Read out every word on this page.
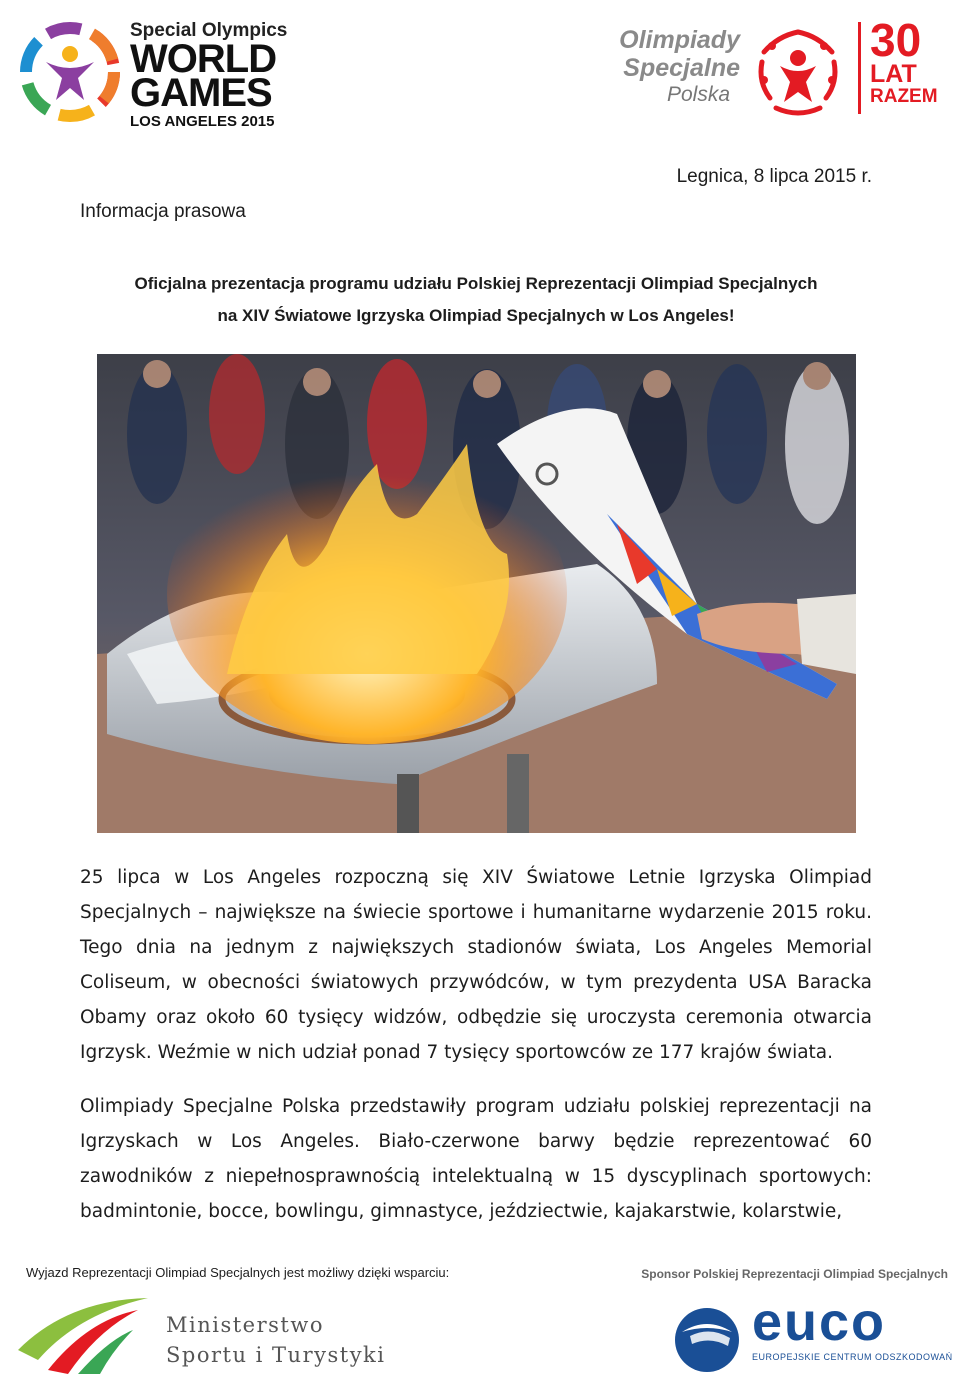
Special Olympics
WORLD
GAMES
LOS ANGELES 2015
Olimpiady
Specjalne
Polska
30
LAT
RAZEM
Legnica, 8 lipca 2015 r.
Informacja prasowa
Oficjalna prezentacja programu udziału Polskiej Reprezentacji Olimpiad Specjalnych
na XIV Światowe Igrzyska Olimpiad Specjalnych w Los Angeles!
25 lipca w Los Angeles rozpoczną się XIV Światowe Letnie Igrzyska Olimpiad Specjalnych – największe na świecie sportowe i humanitarne wydarzenie 2015 roku. Tego dnia na jednym z największych stadionów świata, Los Angeles Memorial Coliseum, w obecności światowych przywódców, w tym prezydenta USA Baracka Obamy oraz około 60 tysięcy widzów, odbędzie się uroczysta ceremonia otwarcia Igrzysk. Weźmie w nich udział ponad 7 tysięcy sportowców ze 177 krajów świata.
Olimpiady Specjalne Polska przedstawiły program udziału polskiej reprezentacji na Igrzyskach w Los Angeles. Biało-czerwone barwy będzie reprezentować 60 zawodników z niepełnosprawnością intelektualną w 15 dyscyplinach sportowych: badmintonie, bocce, bowlingu, gimnastyce, jeździectwie, kajakarstwie, kolarstwie,
Wyjazd Reprezentacji Olimpiad Specjalnych jest możliwy dzięki wsparciu:	Sponsor Polskiej Reprezentacji Olimpiad Specjalnych
Ministerstwo
Sportu i Turystyki
euco
EUROPEJSKIE CENTRUM ODSZKODOWAŃ
